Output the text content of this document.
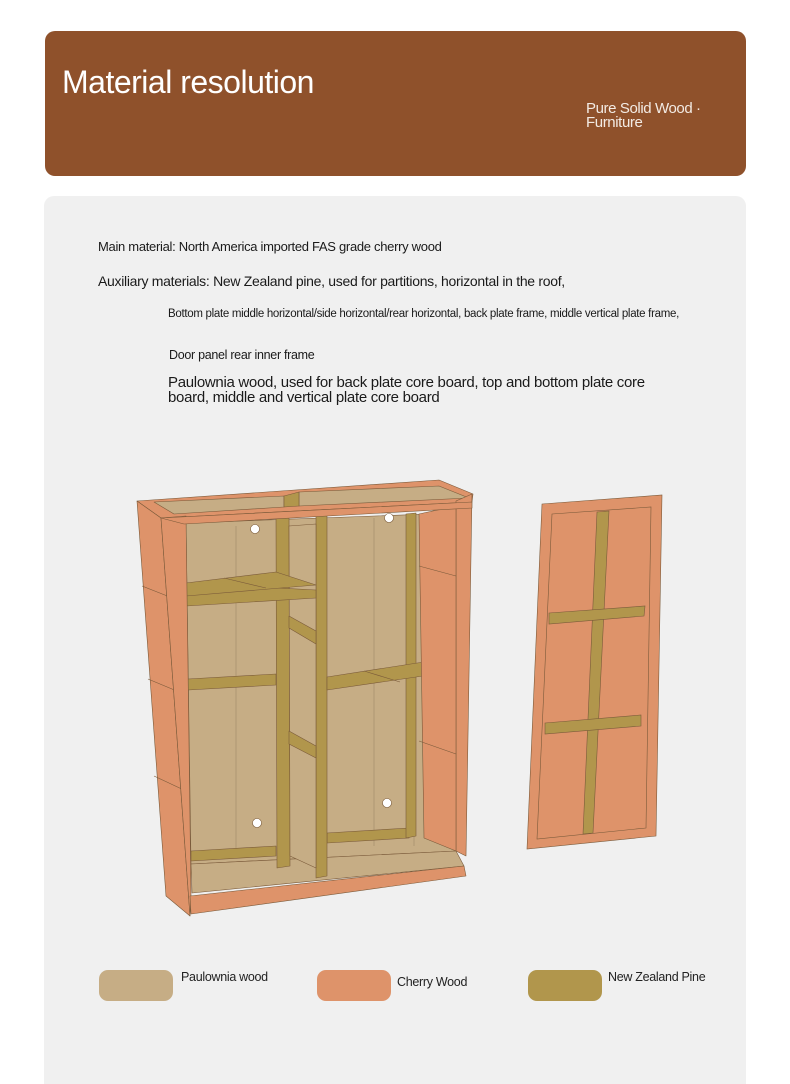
Material resolution
Pure Solid Wood ·
Furniture
Main material: North America imported FAS grade cherry wood
Auxiliary materials: New Zealand pine, used for partitions, horizontal in the roof,
Bottom plate middle horizontal/side horizontal/rear horizontal, back plate frame, middle vertical plate frame,
Door panel rear inner frame
Paulownia wood, used for back plate core board, top and bottom plate core board, middle and vertical plate core board
Paulownia wood	Cherry Wood	New Zealand Pine
